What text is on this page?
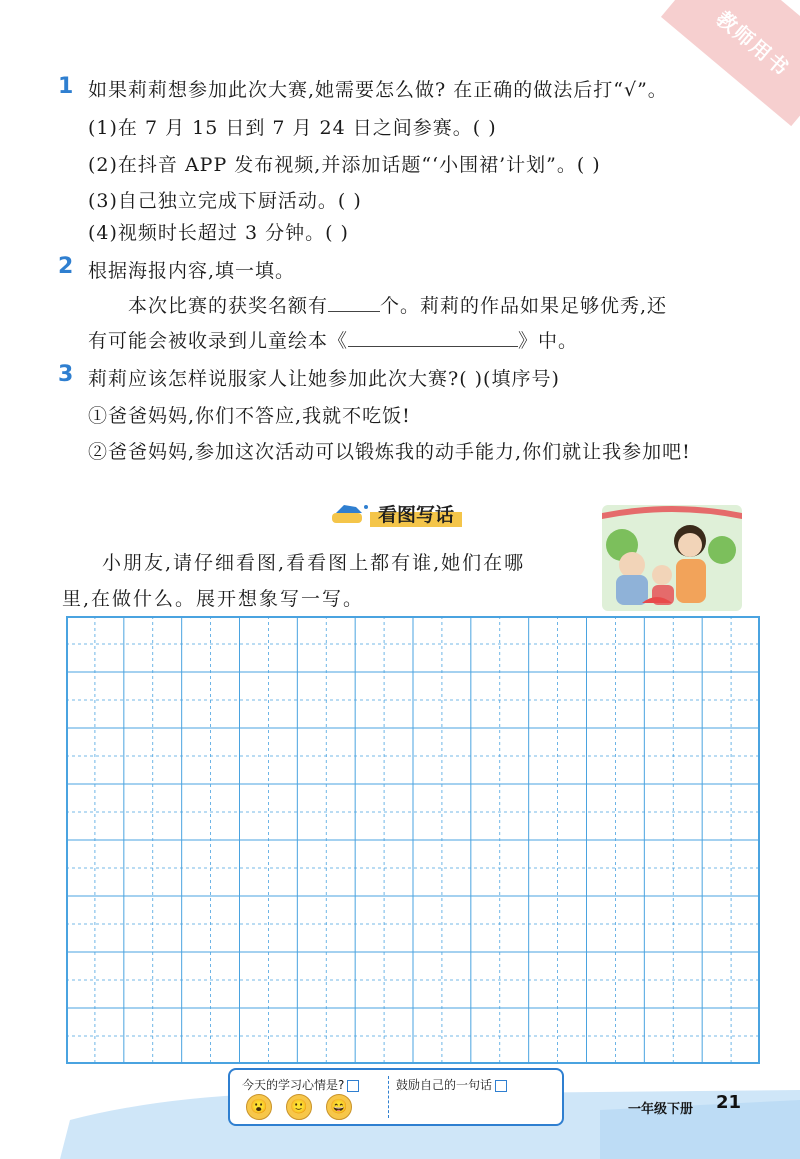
教师用书
1 如果莉莉想参加此次大赛,她需要怎么做? 在正确的做法后打“√”。
(1)在 7 月 15 日到 7 月 24 日之间参赛。( )
(2)在抖音 APP 发布视频,并添加话题“‘小围裙’计划”。( )
(3)自己独立完成下厨活动。( )
(4)视频时长超过 3 分钟。( )
2 根据海报内容,填一填。
本次比赛的获奖名额有	个。莉莉的作品如果足够优秀,还
有可能会被收录到儿童绘本《	》中。
3 莉莉应该怎样说服家人让她参加此次大赛?( )(填序号)
①爸爸妈妈,你们不答应,我就不吃饭!
②爸爸妈妈,参加这次活动可以锻炼我的动手能力,你们就让我参加吧!
看图写话
小朋友,请仔细看图,看看图上都有谁,她们在哪
里,在做什么。展开想象写一写。
今天的学习心情是?	鼓励自己的一句话
😮	🙂	😄	一年级下册 21
